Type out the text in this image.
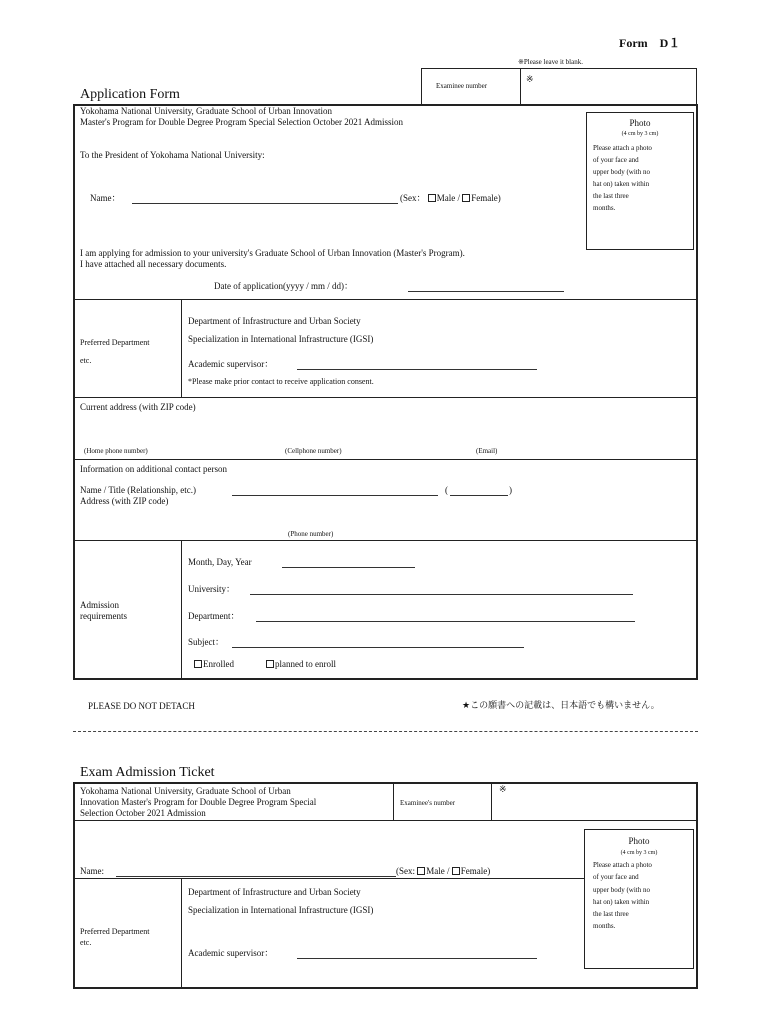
Form　D１
※Please leave it blank.
Examinee number
※
Application Form
Yokohama National University, Graduate School of Urban Innovation
Master's Program for Double Degree Program Special Selection October 2021 Admission
To the President of Yokohama National University:
Photo
(4 cm by 3 cm)
Please attach a photo
of your face and
upper body (with no
hat on) taken within
the last three
months.
Name：	(Sex： Male / Female)
I am applying for admission to your university's Graduate School of Urban Innovation (Master's Program).
I have attached all necessary documents.
Date of application(yyyy / mm / dd)：
Preferred Department
etc.
Department of Infrastructure and Urban Society
Specialization in International Infrastructure (IGSI)
Academic supervisor：
*Please make prior contact to receive application consent.
Current address (with ZIP code)
(Home phone number)	(Cellphone number)	(Email)
Information on additional contact person
Name / Title (Relationship, etc.)	(	)
Address (with ZIP code)
(Phone number)
Admission
requirements
Month, Day, Year
University：
Department：
Subject：
Enrolled	planned to enroll
PLEASE DO NOT DETACH	★この願書への記載は、日本語でも構いません。
Exam Admission Ticket
Yokohama National University, Graduate School of Urban
Innovation Master's Program for Double Degree Program Special
Selection October 2021 Admission
Examinee's number
※
Photo
(4 cm by 3 cm)
Please attach a photo
of your face and
upper body (with no
hat on) taken within
the last three
months.
Name:	(Sex: Male / Female)
Preferred Department
etc.
Department of Infrastructure and Urban Society
Specialization in International Infrastructure (IGSI)
Academic supervisor：
